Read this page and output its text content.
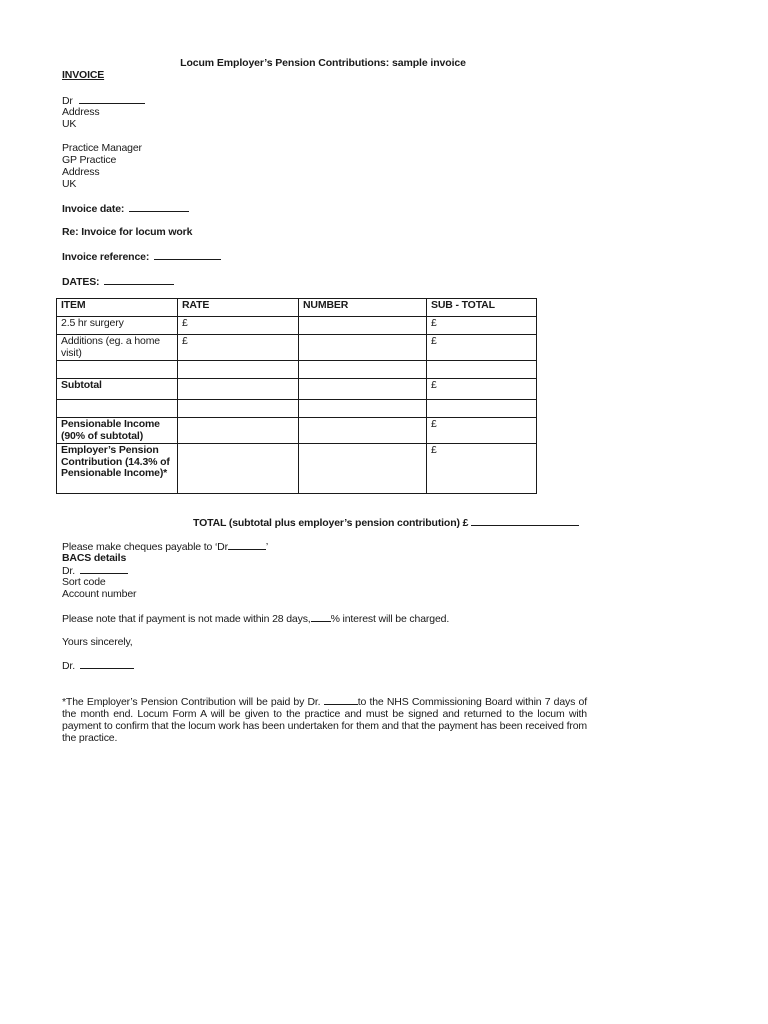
Locum Employer’s Pension Contributions: sample invoice
INVOICE
Dr
Address
UK
Practice Manager
GP Practice
Address
UK
Invoice date:
Re: Invoice for locum work
Invoice reference:
DATES:
ITEM	RATE	NUMBER	SUB - TOTAL
2.5 hr surgery	£		£
Additions (eg. a home visit)	£		£

Subtotal			£

Pensionable Income (90% of subtotal)			£
Employer’s Pension Contribution (14.3% of Pensionable Income)*			£
TOTAL (subtotal plus employer’s pension contribution) £
Please make cheques payable to ‘Dr	’
BACS details
Dr.
Sort code
Account number
Please note that if payment is not made within 28 days, % interest will be charged.
Yours sincerely,
Dr.
*The Employer’s Pension Contribution will be paid by Dr.	to the NHS Commissioning Board within 7 days of the month end. Locum Form A will be given to the practice and must be signed and returned to the locum with payment to confirm that the locum work has been undertaken for them and that the payment has been received from the practice.
